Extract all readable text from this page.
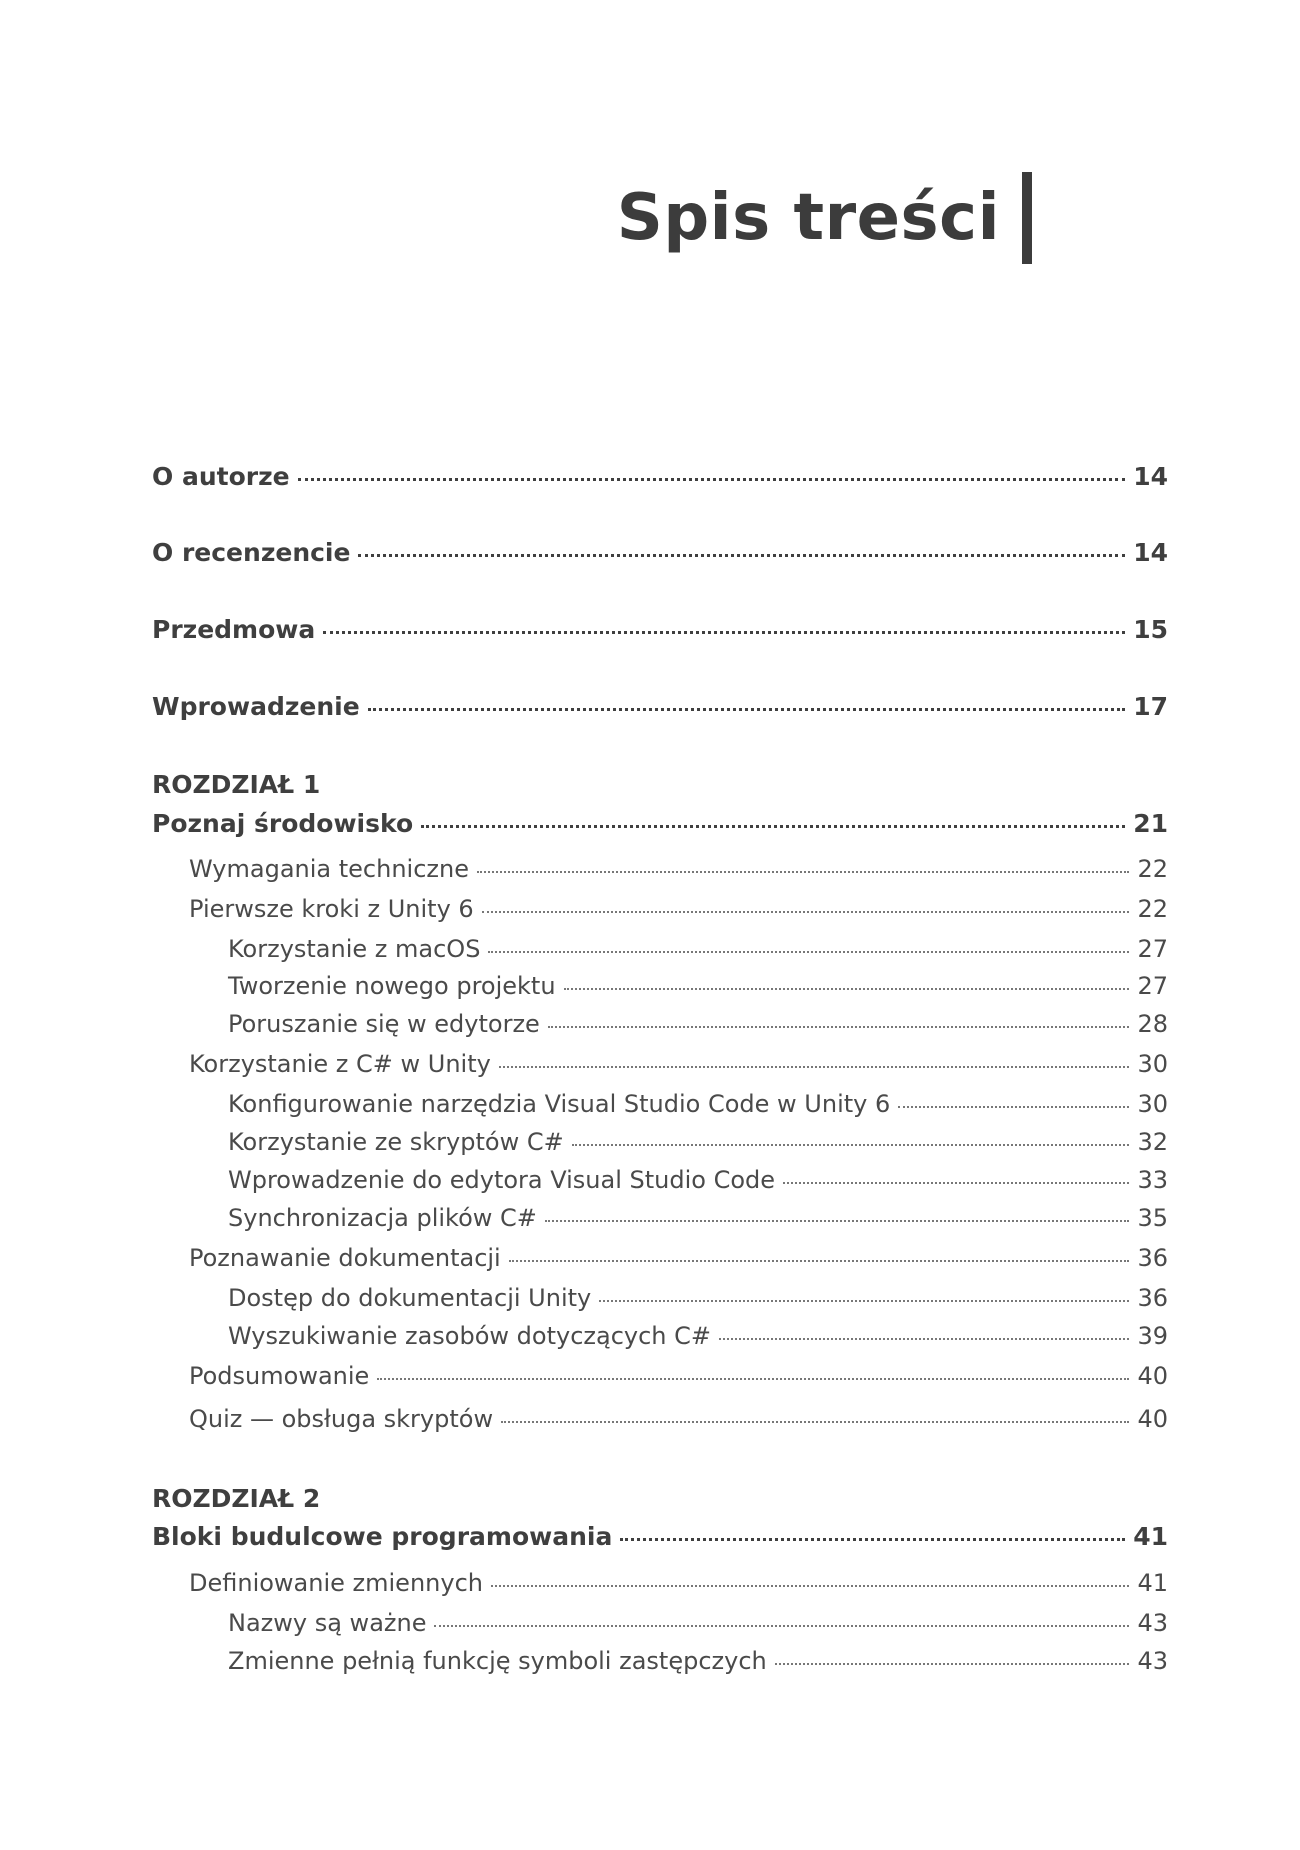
Spis treści
O autorze	14
O recenzencie	14
Przedmowa	15
Wprowadzenie	17
ROZDZIAŁ 1
Poznaj środowisko	21
Wymagania techniczne	22
Pierwsze kroki z Unity 6	22
Korzystanie z macOS	27
Tworzenie nowego projektu	27
Poruszanie się w edytorze	28
Korzystanie z C# w Unity	30
Konfigurowanie narzędzia Visual Studio Code w Unity 6	30
Korzystanie ze skryptów C#	32
Wprowadzenie do edytora Visual Studio Code	33
Synchronizacja plików C#	35
Poznawanie dokumentacji	36
Dostęp do dokumentacji Unity	36
Wyszukiwanie zasobów dotyczących C#	39
Podsumowanie	40
Quiz — obsługa skryptów	40
ROZDZIAŁ 2
Bloki budulcowe programowania	41
Definiowanie zmiennych	41
Nazwy są ważne	43
Zmienne pełnią funkcję symboli zastępczych	43
